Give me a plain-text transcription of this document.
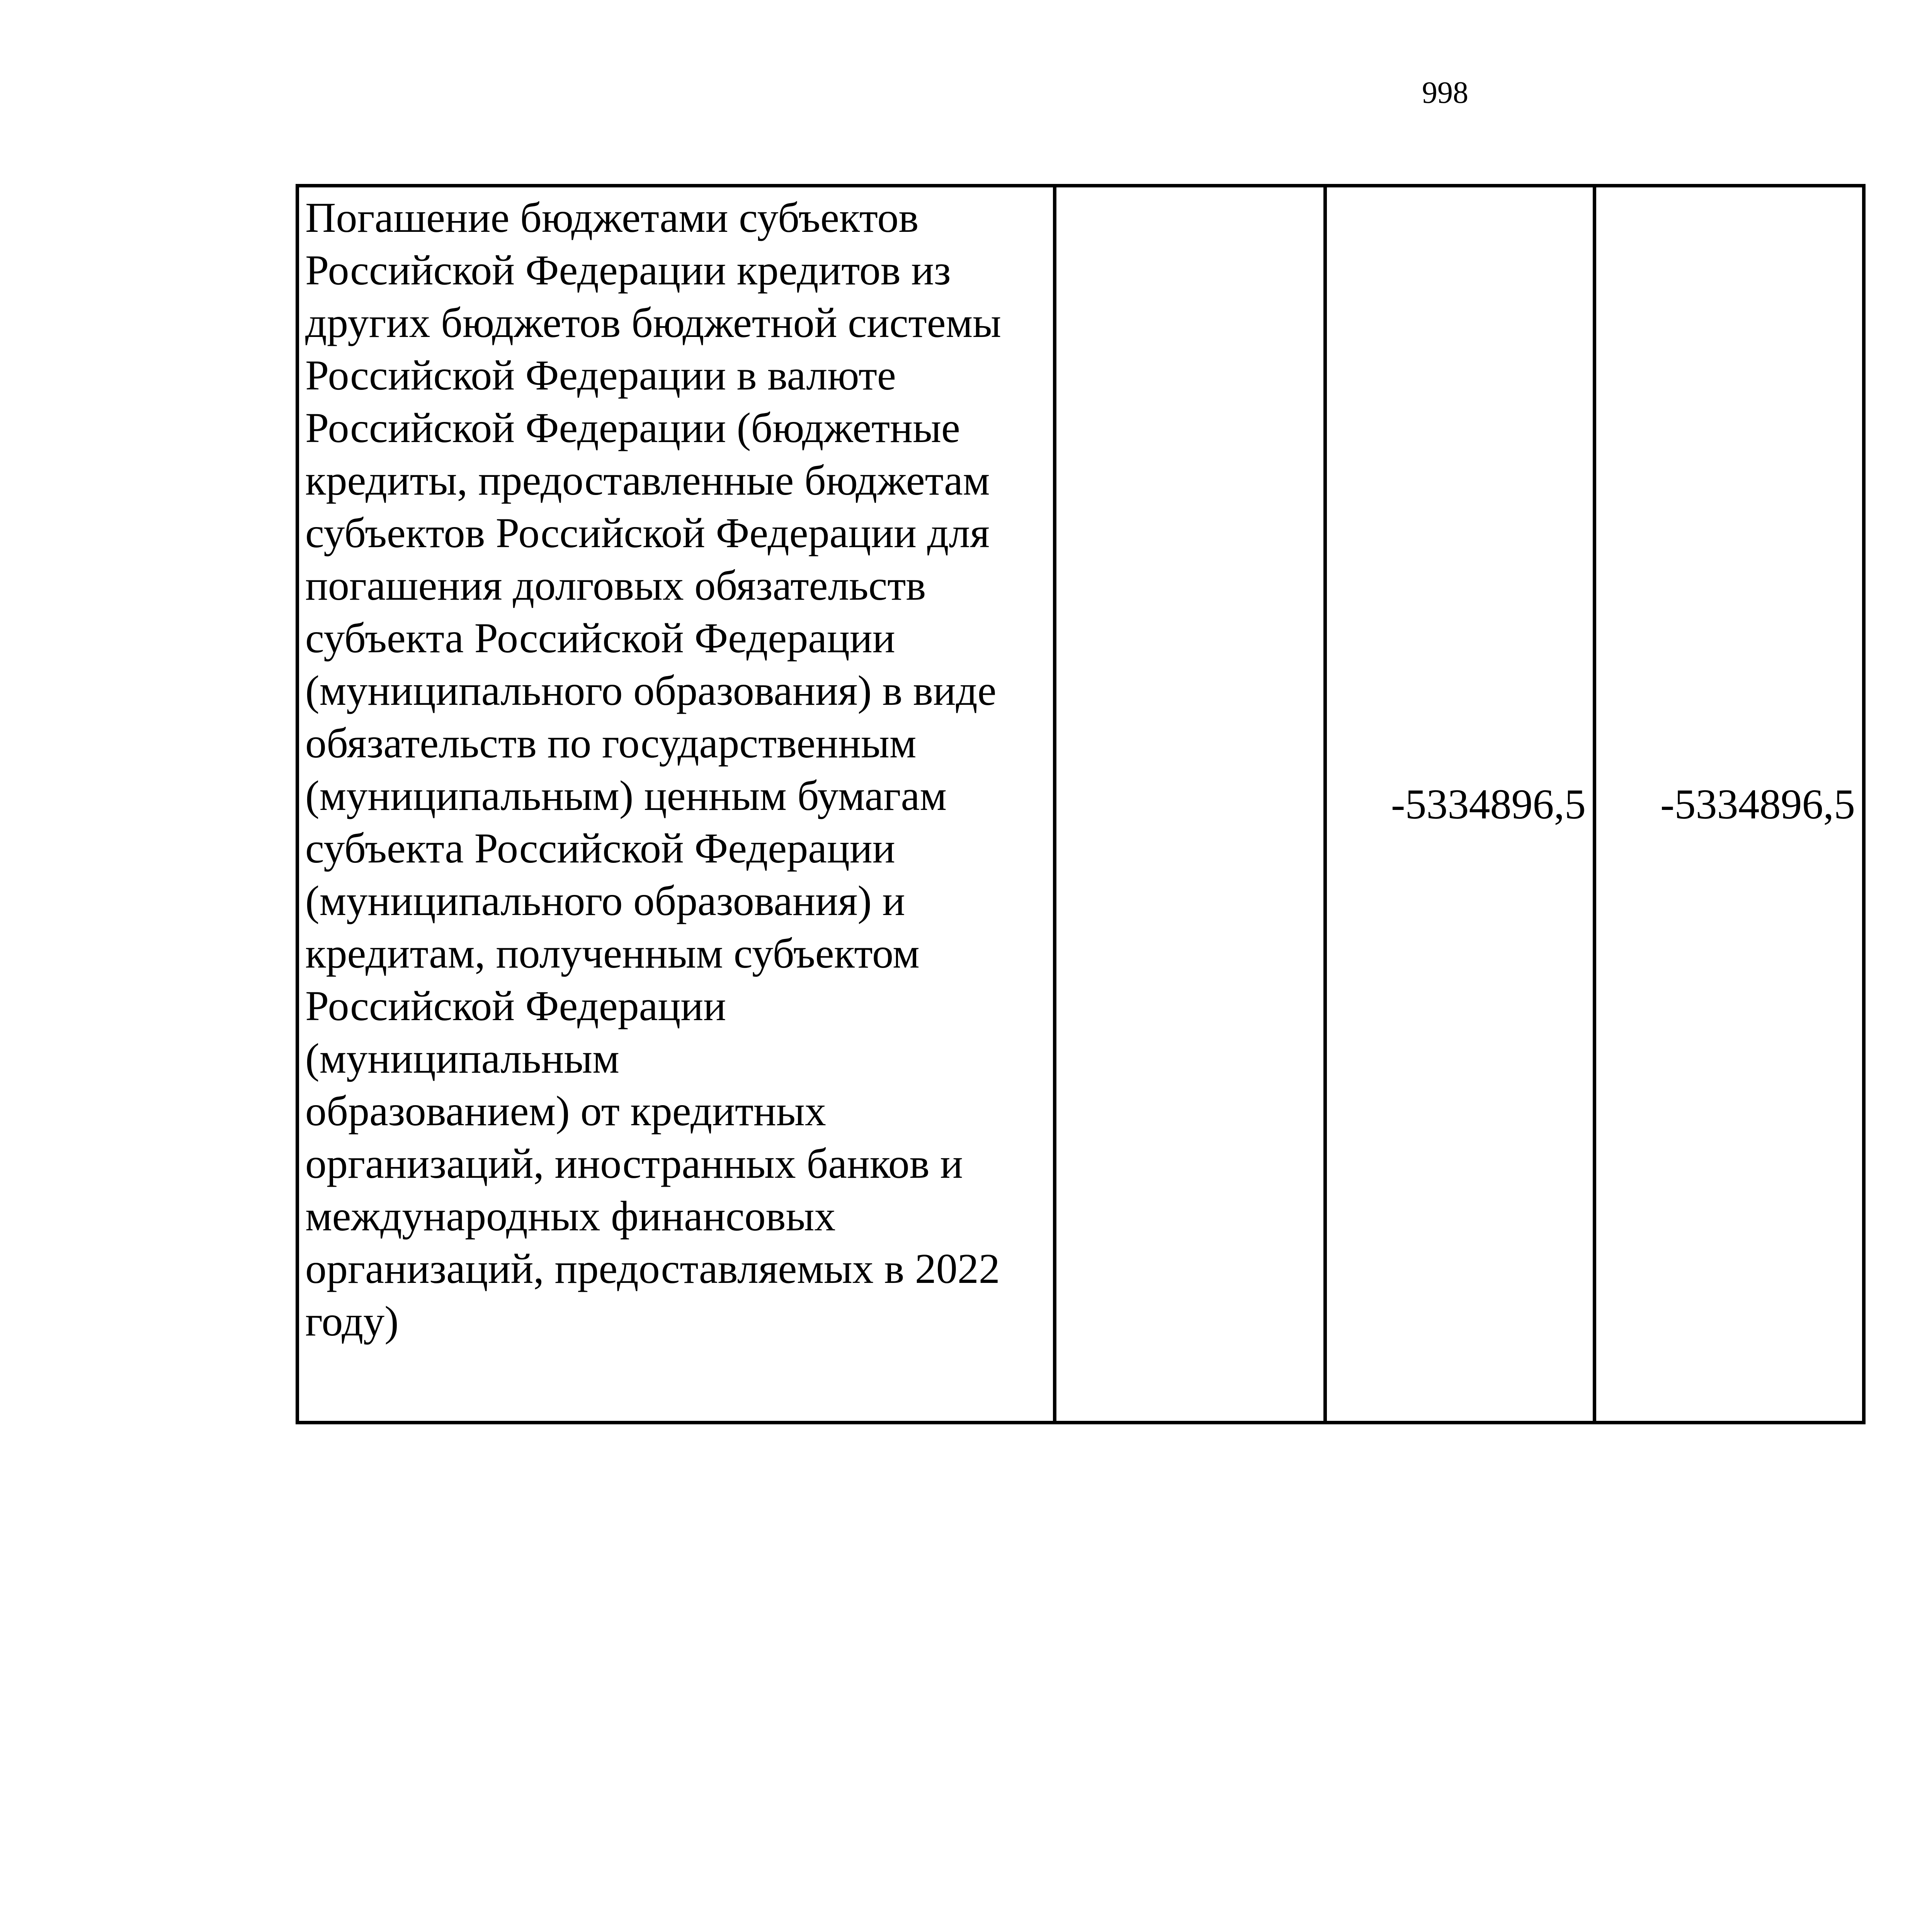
998
Погашение бюджетами субъектов
Российской Федерации кредитов из
других бюджетов бюджетной системы
Российской Федерации в валюте
Российской Федерации (бюджетные
кредиты, предоставленные бюджетам
субъектов Российской Федерации для
погашения долговых обязательств
субъекта Российской Федерации
(муниципального образования) в виде
обязательств по государственным
(муниципальным) ценным бумагам
субъекта Российской Федерации
(муниципального образования) и
кредитам, полученным субъектом
Российской Федерации (муниципальным
образованием) от кредитных
организаций, иностранных банков и
международных финансовых
организаций, предоставляемых в 2022
году)		-5334896,5	-5334896,5
